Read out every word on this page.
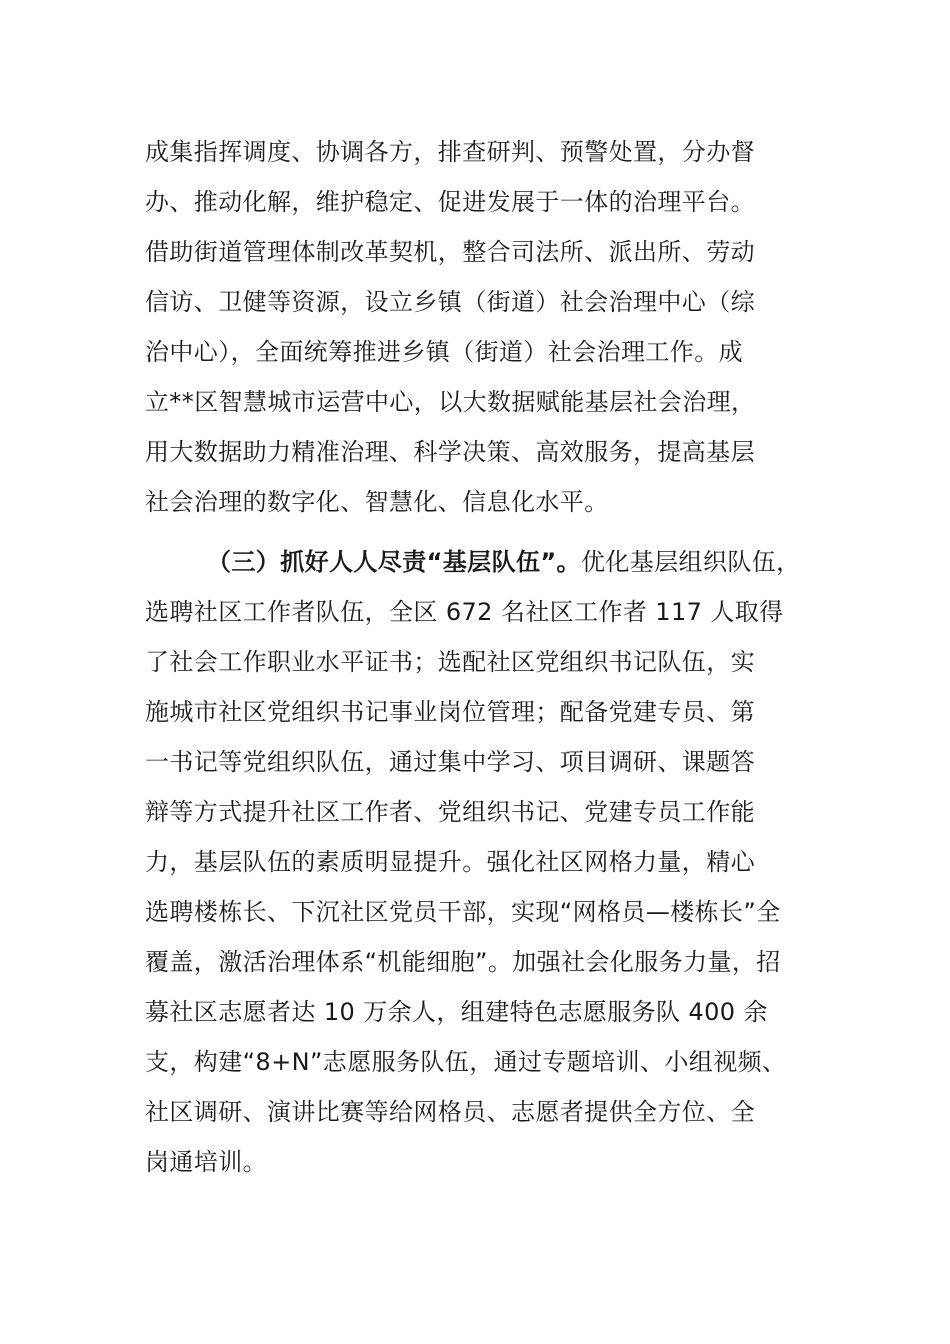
成集指挥调度、协调各方，排查研判、预警处置，分办督
办、推动化解，维护稳定、促进发展于一体的治理平台。
借助街道管理体制改革契机，整合司法所、派出所、劳动
信访、卫健等资源，设立乡镇（街道）社会治理中心（综
治中心），全面统筹推进乡镇（街道）社会治理工作。成
立**区智慧城市运营中心，以大数据赋能基层社会治理，
用大数据助力精准治理、科学决策、高效服务，提高基层
社会治理的数字化、智慧化、信息化水平。
（三）抓好人人尽责“基层队伍”。优化基层组织队伍，
选聘社区工作者队伍，全区 672 名社区工作者 117 人取得
了社会工作职业水平证书；选配社区党组织书记队伍，实
施城市社区党组织书记事业岗位管理；配备党建专员、第
一书记等党组织队伍，通过集中学习、项目调研、课题答
辩等方式提升社区工作者、党组织书记、党建专员工作能
力，基层队伍的素质明显提升。强化社区网格力量，精心
选聘楼栋长、下沉社区党员干部，实现“网格员—楼栋长”全
覆盖，激活治理体系“机能细胞”。加强社会化服务力量，招
募社区志愿者达 10 万余人，组建特色志愿服务队 400 余
支，构建“8+N”志愿服务队伍，通过专题培训、小组视频、
社区调研、演讲比赛等给网格员、志愿者提供全方位、全
岗通培训。
